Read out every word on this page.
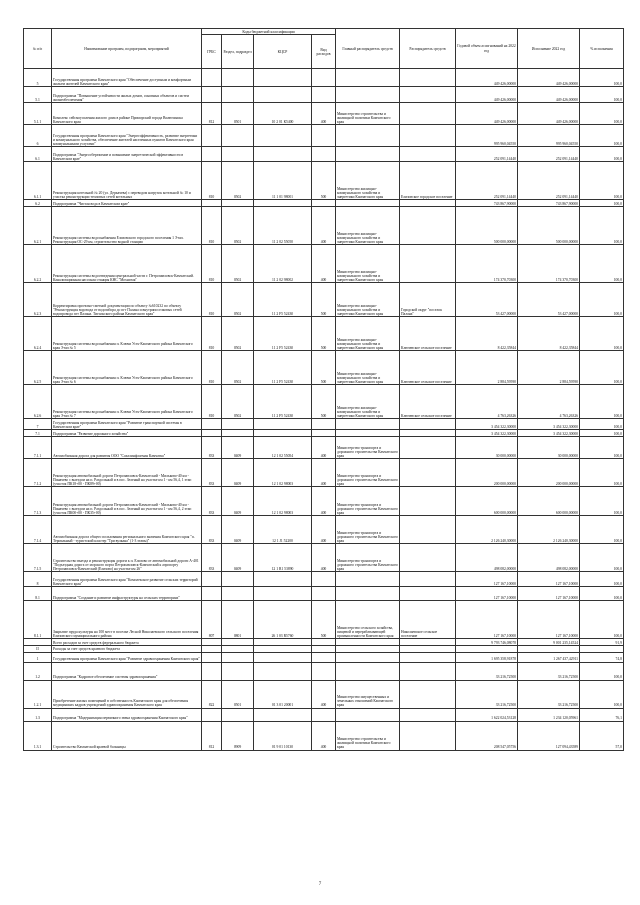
№ п/п	Наименование программ, подпрограмм, мероприятий	Коды бюджетной классификации				Главный распорядитель средств	Распорядитель средств	Годовой объем ассигнований на 2022 год	Исполнение 2022 год	% исполнения
		ГРБС	Раздел, подраздел	КЦСР	Вид расходов					
5	Государственная программа Камчатского края "Обеспечение доступным и комфортным жильем жителей Камчатского края"							449 426,00000	449 426,00000	100,0
5.1	Подпрограмма "Повышение устойчивости жилых домов, основных объектов и систем жизнеобеспечения"							449 426,00000	449 426,00000	100,0
5.1.1	Комплекс сейсмоусиления жилого дома в районе Приморский города Вилючинска Камчатского края	812	0501	10 2 01 К5400	400	Министерство строительства и жилищной политики Камчатского края		449 426,00000	449 426,00000	100,0
6	Государственная программа Камчатского края "Энергоэффективность, развитие энергетики и коммунального хозяйства, обеспечение жителей населенных пунктов Камчатского края коммунальными услугами"							995 960,04550	995 960,04550	100,0
6.1	Подпрограмма "Энергосбережение и повышение энергетической эффективности в Камчатском крае"							252 091,14440	252 091,14440	100,0
6.1.1	Реконструкция котельной № 20 (ул. Деркачева) с переводом нагрузок котельной № 10 и участка реконструкции тепловых сетей котельных	810	0502	11 1 01 98001	500	Министерство жилищно-коммунального хозяйства и энергетики Камчатского края	Елизовское городское поселение	252 091,14440	252 091,14440	100,0
6.2	Подпрограмма "Чистая вода в Камчатском крае"							743 867,90000	743 867,90000	100,0
6.2.1	Реконструкция системы водоснабжения Елизовского городского поселения 1 Этап. Реконструкция ОС-29 км, строительство водной станции	810	0502	11 2 02 55050	400	Министерство жилищно-коммунального хозяйства и энергетики Камчатского края		500 000,00000	500 000,00000	100,0
6.2.2	Реконструкция системы водоотведения центральной части г. Петропавловск-Камчатский. Канализационная насосная станция КНС "Мохнатая"	810	0502	11 2 02 98002	400	Министерство жилищно-коммунального хозяйства и энергетики Камчатского края		174 370,70300	174 370,70300	100,0
6.2.3	Корректировка проектно-сметной документации по объекту №610232 по объекту "Реконструкция водовода от водозабора до пгт Палана и внутрипоселковых сетей водопровода пгт Палана. Тигильского района Камчатского края"	810	0502	11 2 F5 52430	500	Министерство жилищно-коммунального хозяйства и энергетики Камчатского края	Городской округ "поселок Палана"	53 427,00000	53 427,00000	100,0
6.2.4	Реконструкция системы водоснабжения п. Ключи Усть-Камчатского района Камчатского края Этап № 5	810	0502	11 2 F5 52430	500	Министерство жилищно-коммунального хозяйства и энергетики Камчатского края	Ключевское сельское поселение	8 422,35844	8 422,35844	100,0
6.2.5	Реконструкция системы водоснабжения п. Ключи Усть-Камчатского района Камчатского края Этап № 6	810	0502	11 2 F5 52430	500	Министерство жилищно-коммунального хозяйства и энергетики Камчатского края	Ключевское сельское поселение	2 884,59590	2 884,59590	100,0
6.2.6	Реконструкция системы водоснабжения п. Ключи Усть-Камчатского района Камчатского края Этап № 7	810	0502	11 2 F5 52430	500	Министерство жилищно-коммунального хозяйства и энергетики Камчатского края	Ключевское сельское поселение	4 763,26326	4 763,26326	100,0
7	Государственная программа Камчатского края "Развитие транспортной системы в Камчатском крае"							3 454 322,30000	3 454 322,30000	100,0
7.1	Подпрограмма "Развитие дорожного хозяйства"							3 454 322,30000	3 454 322,30000	100,0
7.1.1	Автомобильная дорога для развития ООО "Сахалинфлагман Камчатка"	833	0409	12 1 02 55054	400	Министерство транспорта и дорожного строительства Камчатского края		30 000,00000	30 000,00000	100,0
7.1.2	Реконструкция автомобильной дороги Петропавловск-Камчатский - Мильково-40 км - Пиначево с выездом на п. Раздольный и в пос. Зеленый на участке км 1 - км 56,4, 1 этап (участок ПК18+00 - ПК89+00)	833	0409	12 1 02 98003	400	Министерство транспорта и дорожного строительства Камчатского края		200 000,00000	200 000,00000	100,0
7.1.3	Реконструкция автомобильной дороги Петропавловск-Камчатский - Мильково-40 км - Пиначево с выездом на п. Раздольный и в пос. Зеленый на участке км 1 - км 56,4, 2 этап (участок ПК00+00 - ПК35+00)	833	0409	12 1 02 98003	400	Министерство транспорта и дорожного строительства Камчатского края		600 000,00000	600 000,00000	100,0
7.1.4	Автомобильная дорога общего пользования регионального значения Камчатского края "п. Термальный - туристский кластер "Три вулкана" (1-3 этапы)"	833	0409	12 1 J1 52200	400	Министерство транспорта и дорожного строительства Камчатского края		2 126 240,30000	2 126 240,30000	100,0
7.1.5	Строительство выезда и реконструкция дороги к п. Елизово от автомобильной дороги А-401 "Подъездная дорога от морского порта Петропавловск-Камчатский к аэропорту Петропавловск-Камчатский (Елизово) на участке км 26"	833	0409	12 1 R1 53890	400	Министерство транспорта и дорожного строительства Камчатского края		498 082,00000	498 082,00000	100,0
8	Государственная программа Камчатского края "Комплексное развитие сельских территорий Камчатского края"							127 167,10000	127 167,10000	100,0
8.1	Подпрограмма "Создание и развитие инфраструктуры на сельских территориях"							127 167,10000	127 167,10000	100,0
8.1.1	Закрытие пруда культуры на 100 мест в поселке Лесной Николаевского сельского поселения Елизовского муниципального района	807	0801	26 1 03 R5760	500	Министерство сельского хозяйства, пищевой и перерабатывающей промышленности Камчатского края	Николаевское сельское поселение	127 167,10000	127 167,10000	100,0
	Всего расходов за счет средств федерального бюджета							9 793 746,08078	9 001 235,14524	91,9
II	Расходы за счет средств краевого бюджета									
1	Государственная программа Камчатского края "Развитие здравоохранения Камчатского края"							1 695 358,91878	1 267 437,42911	74,8
1.2	Подпрограмма "Кадровое обеспечение системы здравоохранения"							33 216,72500	33 216,72500	100,0
1.2.1	Приобретение жилых помещений в собственность Камчатского края для обеспечения медицинских кадров учреждений здравоохранения Камчатского края	822	0501	01 3 01 20001	400	Министерство имущественных и земельных отношений Камчатского края		33 216,72500	33 216,72500	100,0
1.3	Подпрограмма "Модернизация первичного звена здравоохранения Камчатского края"							1 622 024,53128	1 234 120,05961	76,1
1.3.1	Строительство Камчатской краевой больницы	812	0909	01 9 01 10130	400	Министерство строительства и жилищной политики Камчатского края		208 547,05756	127 094,43589	57,0
7
